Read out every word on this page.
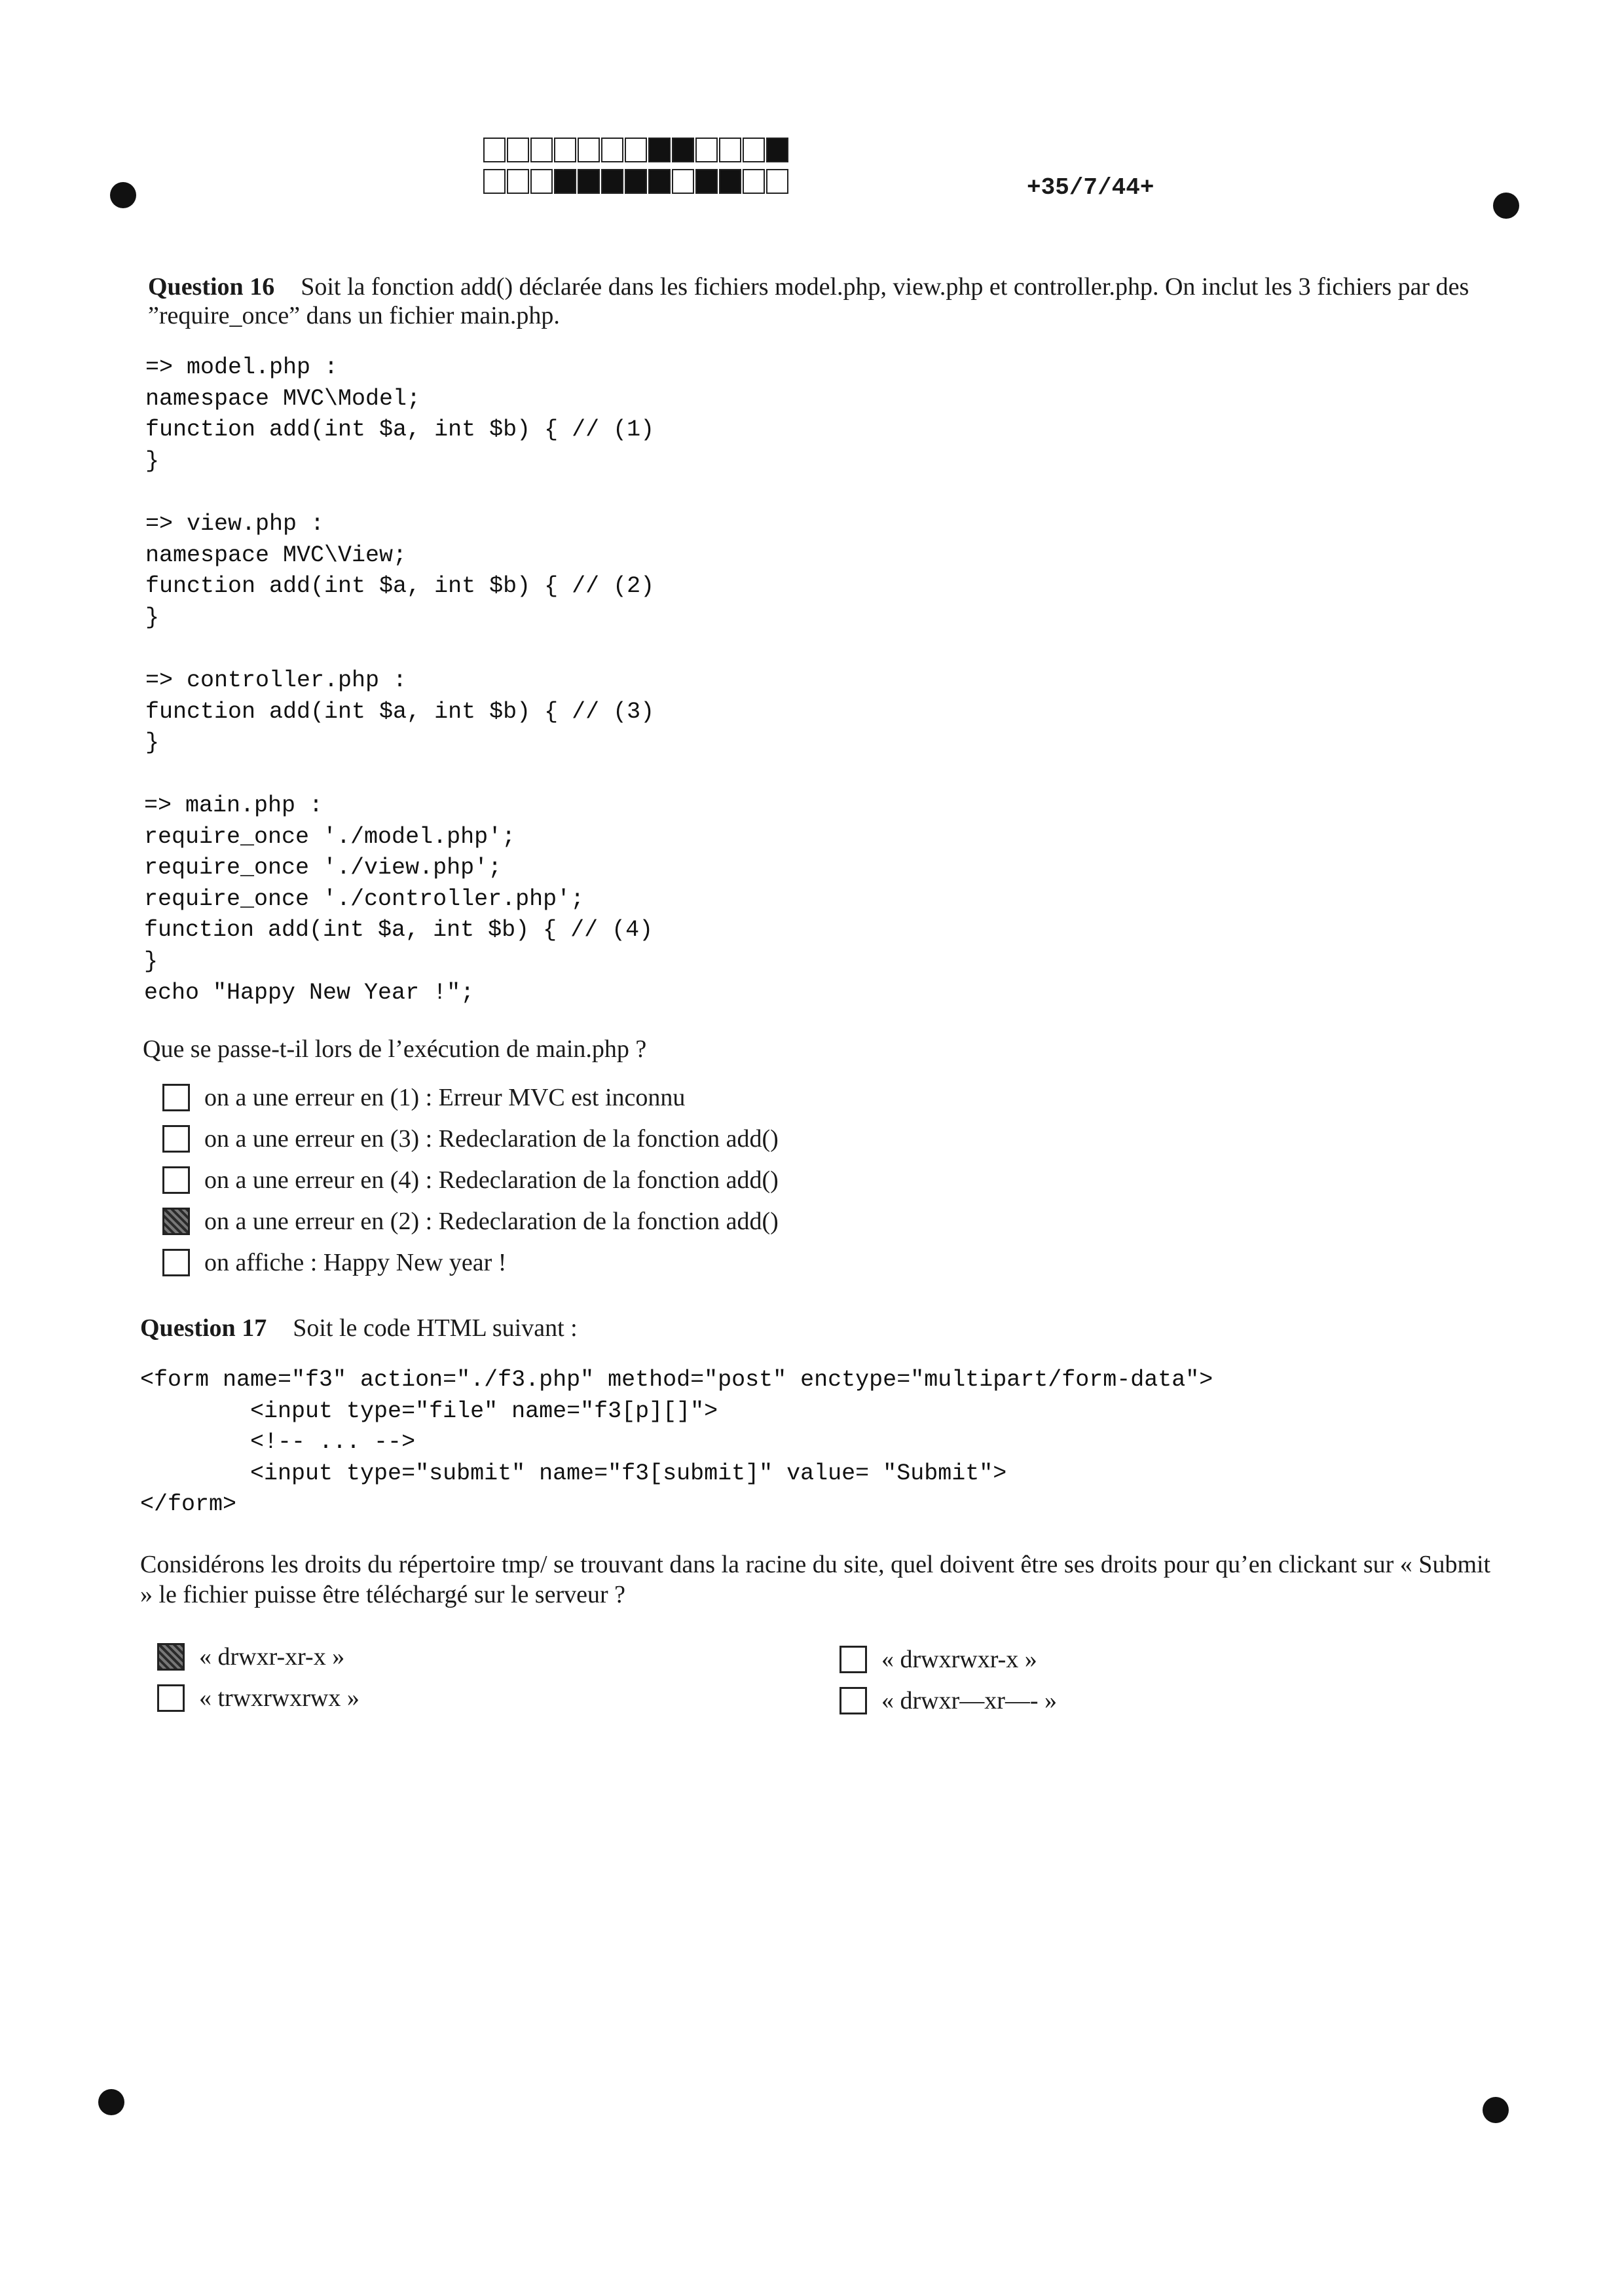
+35/7/44+
Question 16 Soit la fonction add() déclarée dans les fichiers model.php, view.php et controller.php. On inclut les 3 fichiers par des ”require_once” dans un fichier main.php.
=> model.php :
namespace MVC\Model;
function add(int $a, int $b) { // (1)
}
=> view.php :
namespace MVC\View;
function add(int $a, int $b) { // (2)
}
=> controller.php :
function add(int $a, int $b) { // (3)
}
=> main.php :
require_once './model.php';
require_once './view.php';
require_once './controller.php';
function add(int $a, int $b) { // (4)
}
echo "Happy New Year !";
Que se passe-t-il lors de l’exécution de main.php ?
on a une erreur en (1) : Erreur MVC est inconnu
on a une erreur en (3) : Redeclaration de la fonction add()
on a une erreur en (4) : Redeclaration de la fonction add()
on a une erreur en (2) : Redeclaration de la fonction add()
on affiche : Happy New year !
Question 17 Soit le code HTML suivant :
<form name="f3" action="./f3.php" method="post" enctype="multipart/form-data">
<input type="file" name="f3[p][]">
<!-- ... -->
<input type="submit" name="f3[submit]" value= "Submit">
</form>
Considérons les droits du répertoire tmp/ se trouvant dans la racine du site, quel doivent être ses droits pour qu’en clickant sur « Submit » le fichier puisse être téléchargé sur le serveur ?
« drwxr-xr-x »
« trwxrwxrwx »
« drwxrwxr-x »
« drwxr—xr—- »
